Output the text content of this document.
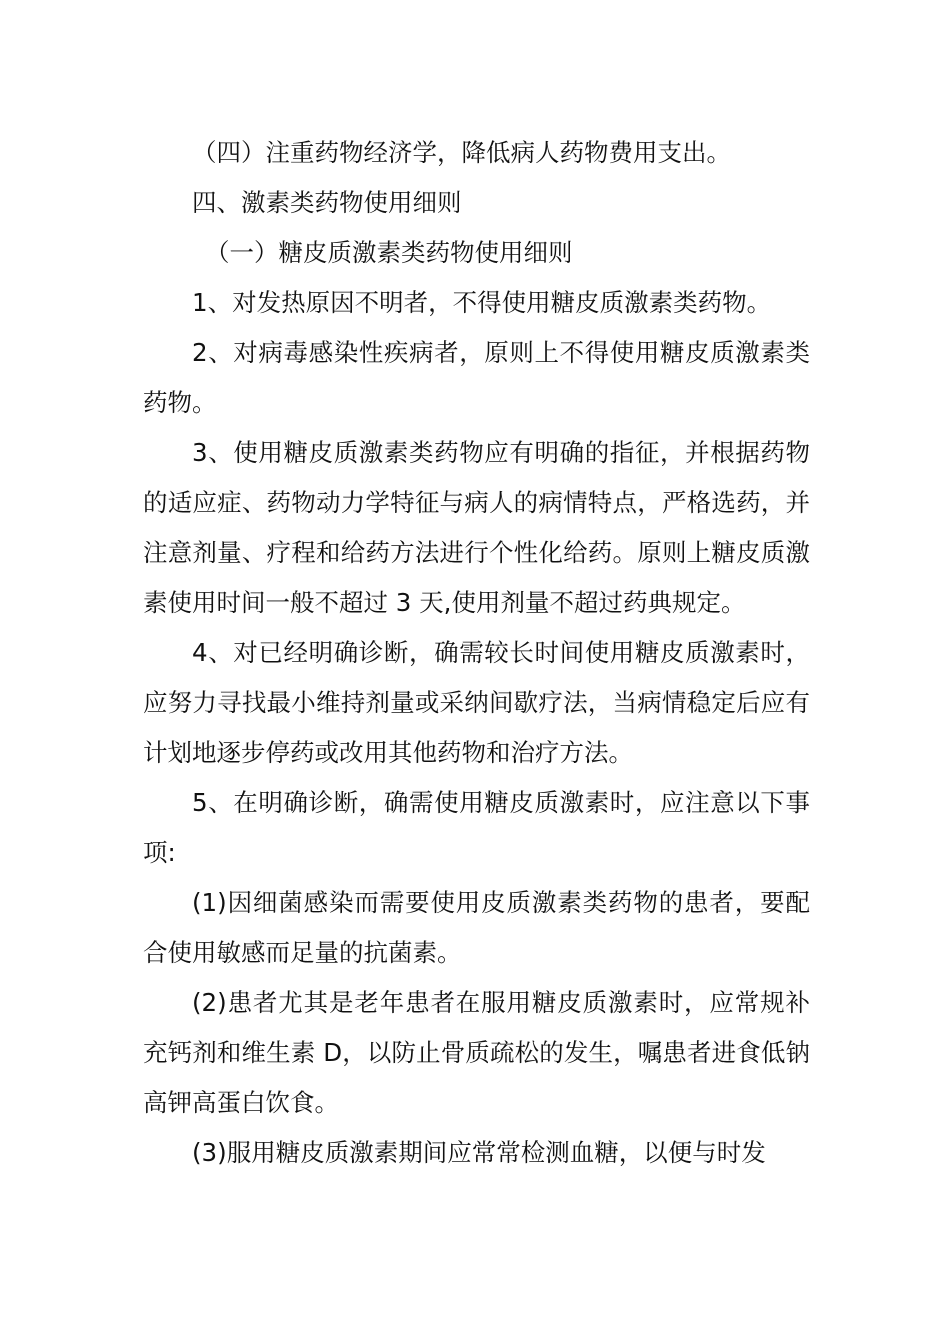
（四）注重药物经济学，降低病人药物费用支出。

四、激素类药物使用细则

（一）糖皮质激素类药物使用细则

1、对发热原因不明者，不得使用糖皮质激素类药物。

2、对病毒感染性疾病者，原则上不得使用糖皮质激素类药物。

3、使用糖皮质激素类药物应有明确的指征，并根据药物的适应症、药物动力学特征与病人的病情特点，严格选药，并注意剂量、疗程和给药方法进行个性化给药。原则上糖皮质激素使用时间一般不超过 3 天,使用剂量不超过药典规定。

4、对已经明确诊断，确需较长时间使用糖皮质激素时，应努力寻找最小维持剂量或采纳间歇疗法，当病情稳定后应有计划地逐步停药或改用其他药物和治疗方法。

5、在明确诊断，确需使用糖皮质激素时，应注意以下事项:

(1)因细菌感染而需要使用皮质激素类药物的患者，要配合使用敏感而足量的抗菌素。

(2)患者尤其是老年患者在服用糖皮质激素时，应常规补充钙剂和维生素 D，以防止骨质疏松的发生，嘱患者进食低钠高钾高蛋白饮食。

(3)服用糖皮质激素期间应常常检测血糖，以便与时发
